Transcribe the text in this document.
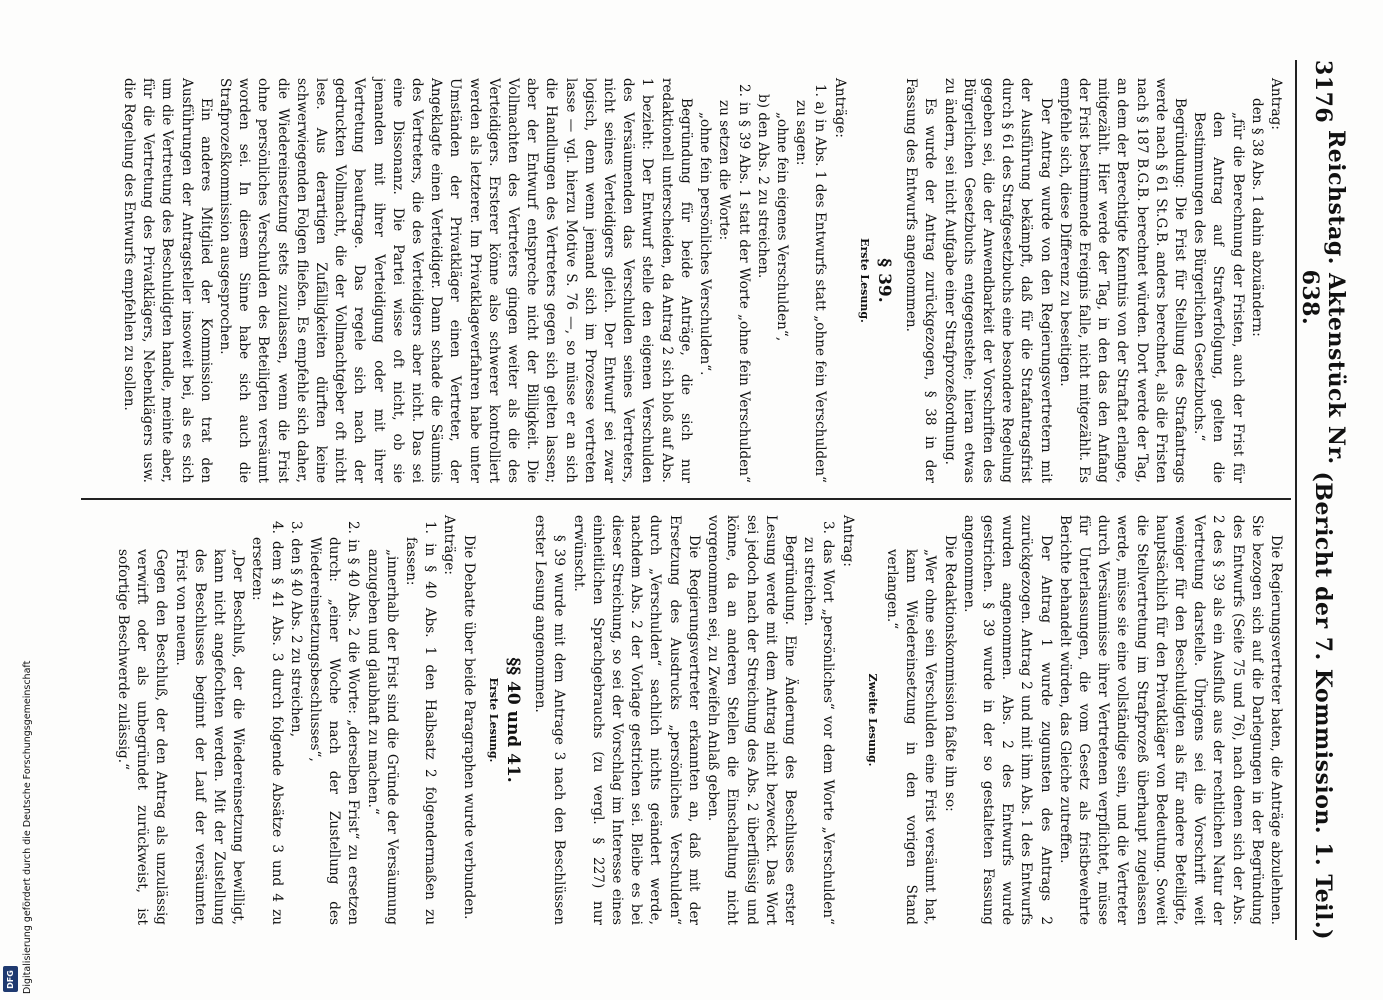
3176
Reichstag. Aktenstück Nr. 638.
(Bericht der 7. Kommission. 1. Teil.)

Antrag:

den § 38 Abs. 1 dahin abzuändern:

„für die Berechnung der Fristen, auch der Frist für den Antrag auf Strafverfolgung, gelten die Bestimmungen des Bürgerlichen Gesetzbuchs.“

Begründung: Die Frist für Stellung des Strafantrags werde nach § 61 St.G.B. anders berechnet, als die Fristen nach § 187 B.G.B. berechnet würden. Dort werde der Tag, an dem der Berechtigte Kenntnis von der Straftat erlange, mitgezählt. Hier werde der Tag, in den das den Anfang der Frist bestimmende Ereignis falle, nicht mitgezählt. Es empfehle sich, diese Differenz zu beseitigen.

Der Antrag wurde von den Regierungsvertretern mit der Ausführung bekämpft, daß für die Strafantragsfrist durch § 61 des Strafgesetzbuchs eine besondere Regelung gegeben sei, die der Anwendbarkeit der Vorschriften des Bürgerlichen Gesetzbuchs entgegenstehe; hieran etwas zu ändern, sei nicht Aufgabe einer Strafprozeßordnung.

Es wurde der Antrag zurückgezogen, § 38 in der Fassung des Entwurfs angenommen.

§ 39.

Erste Lesung.

Anträge:

1. a) in Abs. 1 des Entwurfs statt „ohne fein Verschulden“ zu sagen:

„ohne fein eigenes Verschulden“,

b) den Abs. 2 zu streichen.

2. in § 39 Abs. 1 statt der Worte „ohne fein Verschulden“ zu setzen die Worte:

„ohne fein persönliches Verschulden“.

Begründung für beide Anträge, die sich nur redaktionell unterscheiden, da Antrag 2 sich bloß auf Abs. 1 bezieht: Der Entwurf stelle den eigenen Verschulden des Versäumenden das Verschulden seines Vertreters, nicht seines Verteidigers gleich. Der Entwurf sei zwar logisch, denn wenn jemand sich im Prozesse vertreten lasse — vgl. hierzu Motive S. 76 —, so müsse er an sich die Handlungen des Vertreters gegen sich gelten lassen; aber der Entwurf entspreche nicht der Billigkeit. Die Vollmachten des Vertreters gingen weiter als die des Verteidigers. Ersterer könne also schwerer kontrolliert werden als letzterer. Im Privatklageverfahren habe unter Umständen der Privatkläger einen Vertreter, der Angeklagte einen Verteidiger. Dann schade die Säumnis des Vertreters, die des Verteidigers aber nicht. Das sei eine Dissonanz. Die Partei wisse oft nicht, ob sie jemanden mit ihrer Verteidigung oder mit ihrer Vertretung beauftrage. Das regele sich nach der gedruckten Vollmacht, die der Vollmachtgeber oft nicht lese. Aus derartigen Zufälligkeiten dürften keine schwerwiegenden Folgen fließen. Es empfehle sich daher, die Wiedereinsetzung stets zuzulassen, wenn die Frist ohne persönliches Verschulden des Beteiligten versäumt worden sei. In diesem Sinne habe sich auch die Strafprozeßkommission ausgesprochen.

Ein anderes Mitglied der Kommission trat den Ausführungen der Antragsteller insoweit bei, als es sich um die Vertretung des Beschuldigten handle, meinte aber, für die Vertretung des Privatklägers, Nebenklägers usw. die Regelung des Entwurfs empfehlen zu sollen.

Die Regierungsvertreter baten, die Anträge abzulehnen. Sie bezogen sich auf die Darlegungen in der Begründung des Entwurfs (Seite 75 und 76), nach denen sich der Abs. 2 des § 39 als ein Ausfluß aus der rechtlichen Natur der Vertretung darstelle. Übrigens sei die Vorschrift weit weniger für den Beschuldigten als für andere Beteiligte, hauptsächlich für den Privatkläger von Bedeutung. Soweit die Stellvertretung im Strafprozeß überhaupt zugelassen werde, müsse sie eine vollständige sein, und die Vertreter durch Versäumnisse ihrer Vertretenen verpflichtet, müsse für Unterlassungen, die vom Gesetz als fristbewehrte Berichte behandelt würden, das Gleiche zutreffen.

Der Antrag 1 wurde zugunsten des Antrags 2 zurückgezogen. Antrag 2 und mit ihm Abs. 1 des Entwurfs wurden angenommen. Abs. 2 des Entwurfs wurde gestrichen. § 39 wurde in der so gestalteten Fassung angenommen.

Die Redaktionskommission faßte ihn so:

„Wer ohne sein Verschulden eine Frist versäumt hat, kann Wiedereinsetzung in den vorigen Stand verlangen.“

Zweite Lesung.

Antrag:

3. das Wort „persönliches“ vor dem Worte „Verschulden“ zu streichen.

Begründung. Eine Änderung des Beschlusses erster Lesung werde mit dem Antrag nicht bezweckt. Das Wort sei jedoch nach der Streichung des Abs. 2 überflüssig und könne, da an anderen Stellen die Einschaltung nicht vorgenommen sei, zu Zweifeln Anlaß geben.

Die Regierungsvertreter erkannten an, daß mit der Ersetzung des Ausdrucks „persönliches Verschulden“ durch „Verschulden“ sachlich nichts geändert werde, nachdem Abs. 2 der Vorlage gestrichen sei. Bleibe es bei dieser Streichung, so sei der Vorschlag im Interesse eines einheitlichen Sprachgebrauchs (zu vergl. § 227) nur erwünscht.

§ 39 wurde mit dem Antrage 3 nach den Beschlüssen erster Lesung angenommen.

§§ 40 und 41.

Erste Lesung.

Die Debatte über beide Paragraphen wurde verbunden.

Anträge:

1. in § 40 Abs. 1 den Halbsatz 2 folgendermaßen zu fassen:

„innerhalb der Frist sind die Gründe der Versäumung anzugeben und glaubhaft zu machen.“

2. in § 40 Abs. 2 die Worte: „derselben Frist“ zu ersetzen durch: „einer Woche nach der Zustellung des Wiedereinsetzungsbeschlusses“,

3. den § 40 Abs. 2 zu streichen,

4. dem § 41 Abs. 3 durch folgende Absätze 3 und 4 zu ersetzen:

„Der Beschluß, der die Wiedereinsetzung bewilligt, kann nicht angefochten werden. Mit der Zustellung des Beschlusses beginnt der Lauf der versäumten Frist von neuem.

Gegen den Beschluß, der den Antrag als unzulässig verwirft oder als unbegründet zurückweist, ist sofortige Beschwerde zulässig.“

Digitalisierung gefördert durch die Deutsche Forschungsgemeinschaft
DFG
